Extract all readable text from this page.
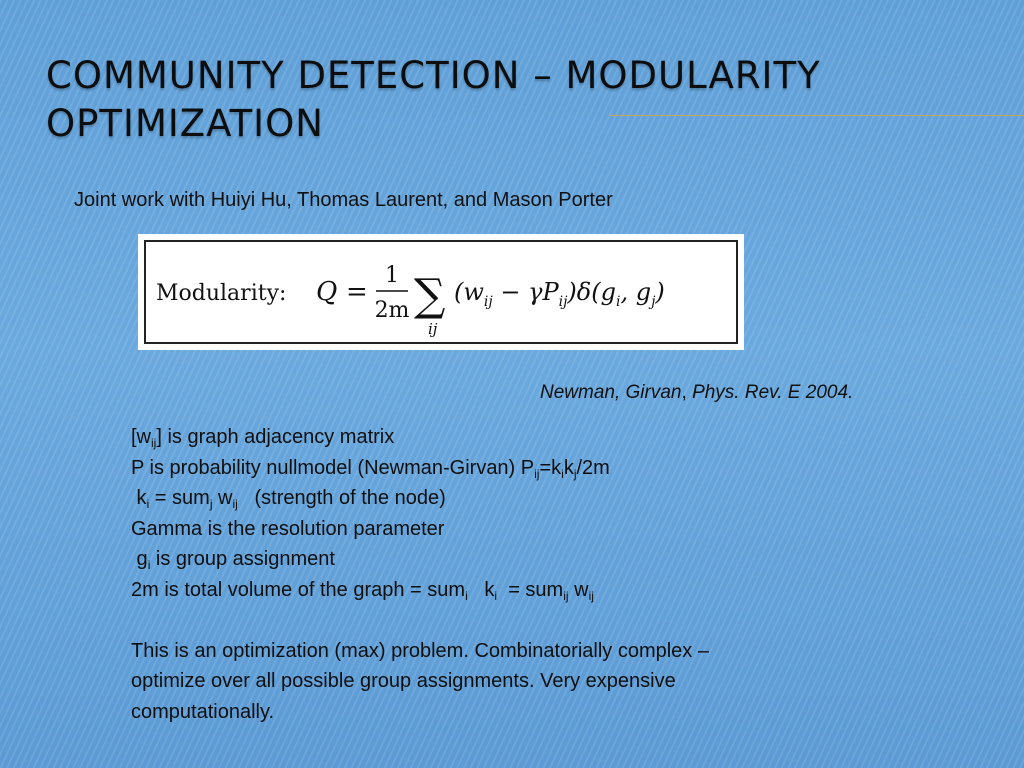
COMMUNITY DETECTION – MODULARITY
OPTIMIZATION
Joint work with Huiyi Hu, Thomas Laurent, and Mason Porter
Modularity: Q =
1
2m ∑
ij
$(w_{ij} - \gamma P_{ij})\delta(g_i$, $g_j$)
Newman, Girvan, Phys. Rev. E 2004.
$[w_{ij}]$ is graph adjacency matrix
P is probability nullmodel (Newman-Girvan) $P_{ij}=k_ik_j/2m$
$k_i = sum_j$ $w_{ij}$   (strength of the node)
Gamma is the resolution parameter
$g_i$ is group assignment
2m is total volume of the graph = sum$_i$   $k_i = sum_{ij}$ $w_{ij}$
This is an optimization (max) problem. Combinatorially complex –
optimize over all possible group assignments. Very expensive
computationally.
